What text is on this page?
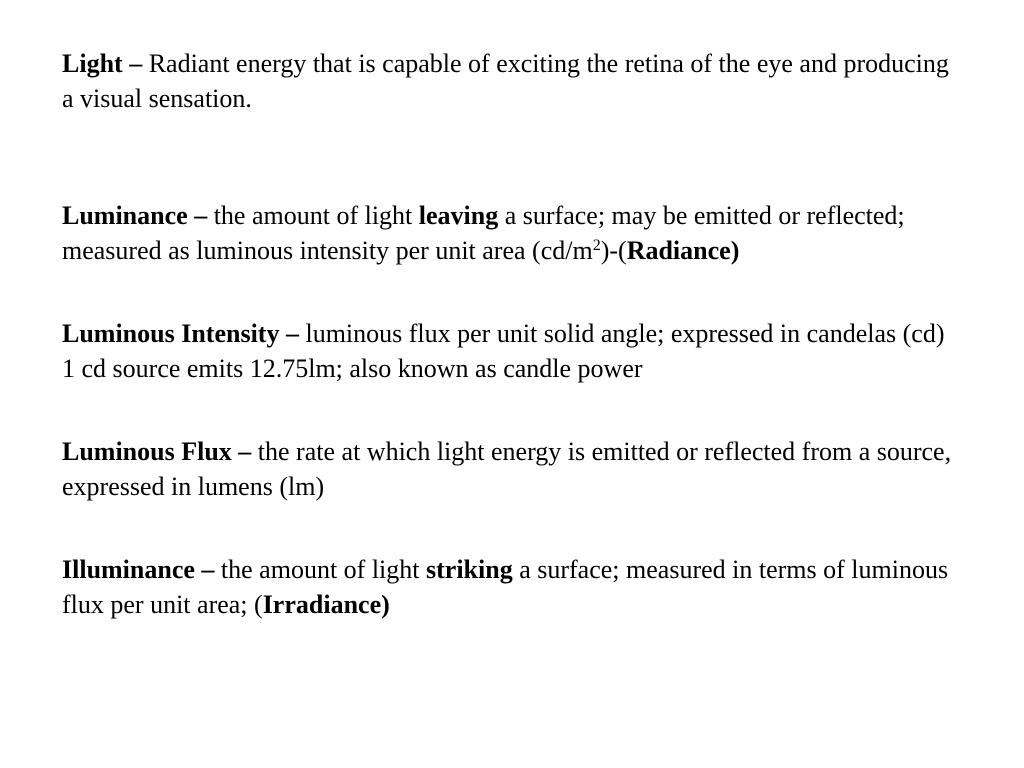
Light – Radiant energy that is capable of exciting the retina of the eye and producing a visual sensation.

Luminance – the amount of light leaving a surface; may be emitted or reflected; measured as luminous intensity per unit area $(cd/m^2)-(Radiance)$

Luminous Intensity – luminous flux per unit solid angle; expressed in candelas (cd) 1 cd source emits 12.75lm; also known as candle power

Luminous Flux – the rate at which light energy is emitted or reflected from a source, expressed in lumens (lm)

Illuminance – the amount of light striking a surface; measured in terms of luminous flux per unit area; (Irradiance)
